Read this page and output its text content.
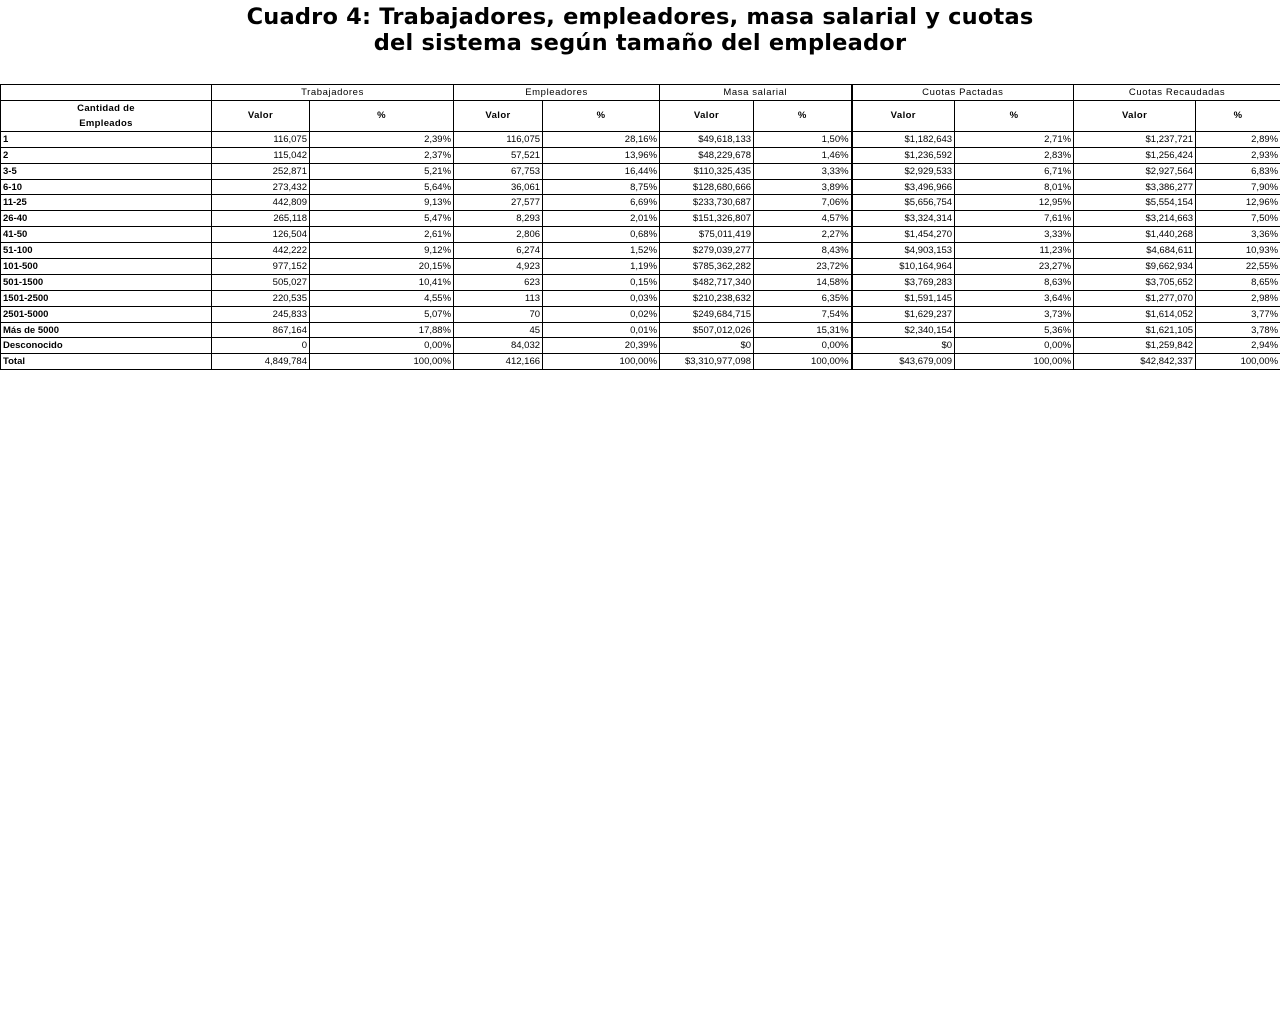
Cuadro 4: Trabajadores, empleadores, masa salarial y cuotas
del sistema según tamaño del empleador
	Trabajadores		Empleadores		Masa salarial		Cuotas Pactadas		Cuotas Recaudadas	
Cantidad de
Empleados	Valor	%	Valor	%	Valor	%	Valor	%	Valor	%
1	116,075	2,39%	116,075	28,16%	$49,618,133	1,50%	$1,182,643	2,71%	$1,237,721	2,89%
2	115,042	2,37%	57,521	13,96%	$48,229,678	1,46%	$1,236,592	2,83%	$1,256,424	2,93%
3-5	252,871	5,21%	67,753	16,44%	$110,325,435	3,33%	$2,929,533	6,71%	$2,927,564	6,83%
6-10	273,432	5,64%	36,061	8,75%	$128,680,666	3,89%	$3,496,966	8,01%	$3,386,277	7,90%
11-25	442,809	9,13%	27,577	6,69%	$233,730,687	7,06%	$5,656,754	12,95%	$5,554,154	12,96%
26-40	265,118	5,47%	8,293	2,01%	$151,326,807	4,57%	$3,324,314	7,61%	$3,214,663	7,50%
41-50	126,504	2,61%	2,806	0,68%	$75,011,419	2,27%	$1,454,270	3,33%	$1,440,268	3,36%
51-100	442,222	9,12%	6,274	1,52%	$279,039,277	8,43%	$4,903,153	11,23%	$4,684,611	10,93%
101-500	977,152	20,15%	4,923	1,19%	$785,362,282	23,72%	$10,164,964	23,27%	$9,662,934	22,55%
501-1500	505,027	10,41%	623	0,15%	$482,717,340	14,58%	$3,769,283	8,63%	$3,705,652	8,65%
1501-2500	220,535	4,55%	113	0,03%	$210,238,632	6,35%	$1,591,145	3,64%	$1,277,070	2,98%
2501-5000	245,833	5,07%	70	0,02%	$249,684,715	7,54%	$1,629,237	3,73%	$1,614,052	3,77%
Más de 5000	867,164	17,88%	45	0,01%	$507,012,026	15,31%	$2,340,154	5,36%	$1,621,105	3,78%
Desconocido	0	0,00%	84,032	20,39%	$0	0,00%	$0	0,00%	$1,259,842	2,94%
Total	4,849,784	100,00%	412,166	100,00%	$3,310,977,098	100,00%	$43,679,009	100,00%	$42,842,337	100,00%
